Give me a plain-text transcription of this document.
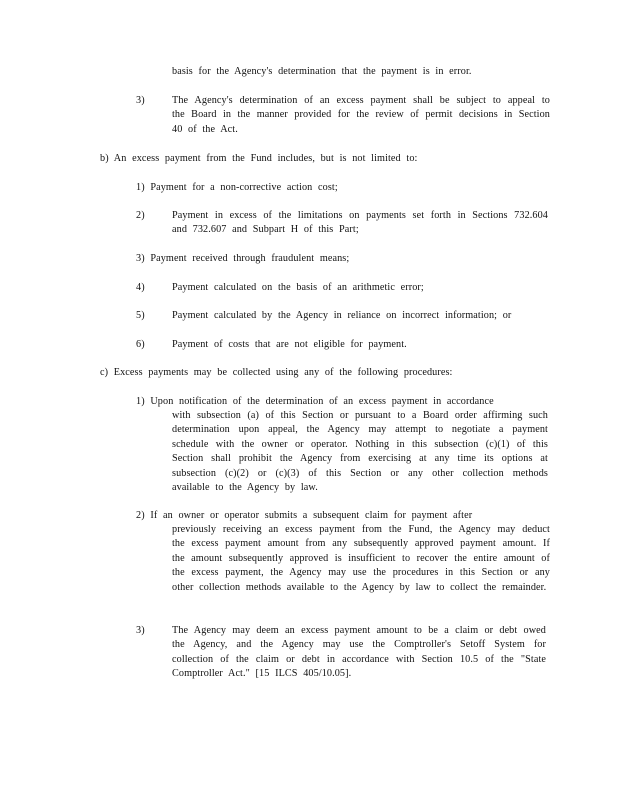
basis for the Agency's determination that the payment is in error.

3)	The Agency's determination of an excess payment shall be subject to appeal to the Board in the manner provided for the review of permit decisions in Section 40 of the Act.

b) An excess payment from the Fund includes, but is not limited to:

1) Payment for a non-corrective action cost;
2)	Payment in excess of the limitations on payments set forth in Sections 732.604 and 732.607 and Subpart H of this Part;

3) Payment received through fraudulent means;
4)	Payment calculated on the basis of an arithmetic error;

5)	Payment calculated by the Agency in reliance on incorrect information; or

6)	Payment of costs that are not eligible for payment.

c) Excess payments may be collected using any of the following procedures:

1) Upon notification of the determination of an excess payment in accordance

with subsection (a) of this Section or pursuant to a Board order affirming such determination upon appeal, the Agency may attempt to negotiate a payment schedule with the owner or operator. Nothing in this subsection (c)(1) of this Section shall prohibit the Agency from exercising at any time its options at subsection (c)(2) or (c)(3) of this Section or any other collection methods available to the Agency by law.

2) If an owner or operator submits a subsequent claim for payment after

previously receiving an excess payment from the Fund, the Agency may deduct the excess payment amount from any subsequently approved payment amount. If the amount subsequently approved is insufficient to recover the entire amount of the excess payment, the Agency may use the procedures in this Section or any other collection methods available to the Agency by law to collect the remainder.

3)	The Agency may deem an excess payment amount to be a claim or debt owed the Agency, and the Agency may use the Comptroller's Setoff System for collection of the claim or debt in accordance with Section 10.5 of the "State Comptroller Act." [15 ILCS 405/10.05].
